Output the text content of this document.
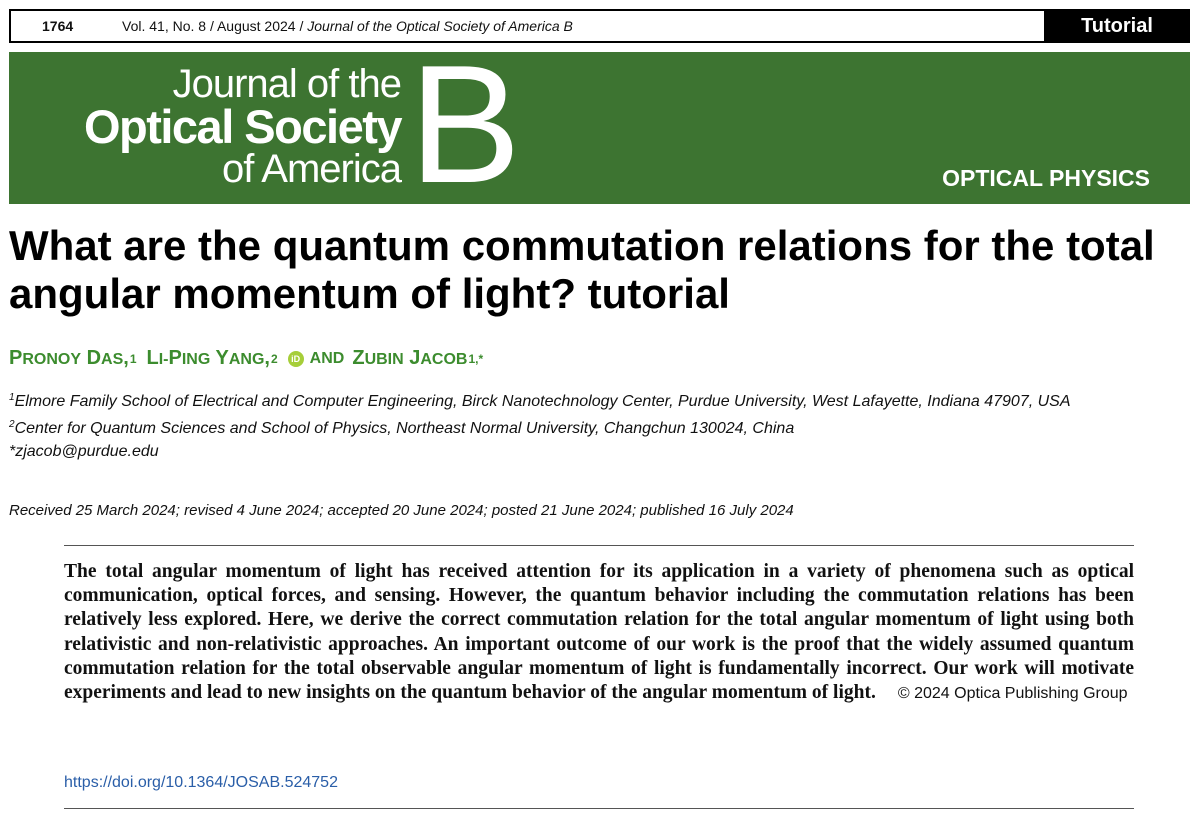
1764	Vol. 41, No. 8 / August 2024 / Journal of the Optical Society of America B	Tutorial
Journal of the
Optical Society
of America B	OPTICAL PHYSICS
What are the quantum commutation relations for the total angular momentum of light? tutorial
PRONOY DAS , 1 LI-PING YANG , 2	iD AND ZUBIN JACOB 1,*
$^1$Elmore Family School of Electrical and Computer Engineering, Birck Nanotechnology Center, Purdue University, West Lafayette, Indiana 47907, USA
$^2$Center for Quantum Sciences and School of Physics, Northeast Normal University, Changchun 130024, China
*zjacob@purdue.edu
Received 25 March 2024; revised 4 June 2024; accepted 20 June 2024; posted 21 June 2024; published 16 July 2024

The total angular momentum of light has received attention for its application in a variety of phenomena such as optical communication, optical forces, and sensing. However, the quantum behavior including the commutation relations has been relatively less explored. Here, we derive the correct commutation relation for the total angular momentum of light using both relativistic and non-relativistic approaches. An important outcome of our work is the proof that the widely assumed quantum commutation relation for the total observable angular momentum of light is fundamentally incorrect. Our work will motivate experiments and lead to new insights on the quantum behavior of the angular momentum of light. © 2024 Optica Publishing Group

https://doi.org/10.1364/JOSAB.524752
